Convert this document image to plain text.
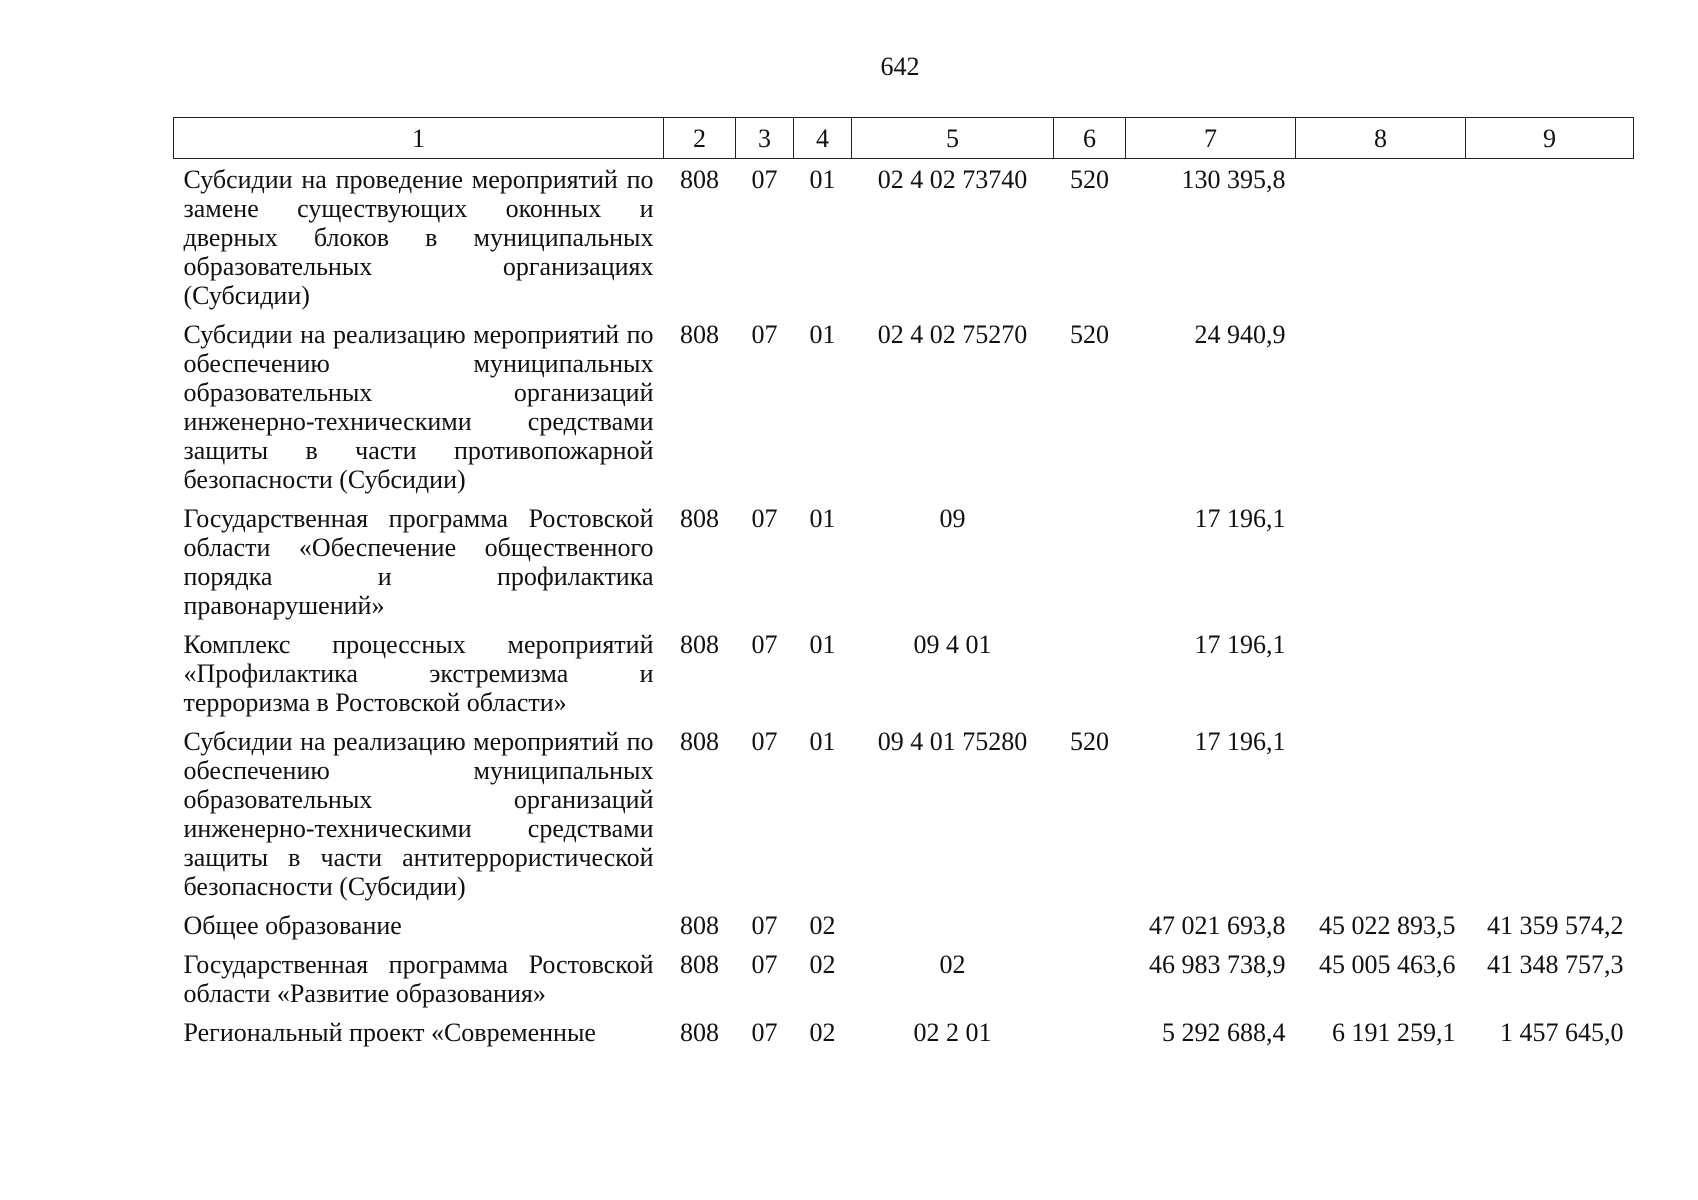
642
1	2	3	4	5	6	7	8	9
Субсидии на проведение мероприятий по замене существующих оконных и дверных блоков в муниципальных образовательных организациях (Субсидии)	808	07	01	02 4 02 73740	520	130 395,8		
Субсидии на реализацию мероприятий по обеспечению муниципальных образовательных организаций инженерно-техническими средствами защиты в части противопожарной безопасности (Субсидии)	808	07	01	02 4 02 75270	520	24 940,9		
Государственная программа Ростовской области «Обеспечение общественного порядка и профилактика правонарушений»	808	07	01	09		17 196,1		
Комплекс процессных мероприятий «Профилактика экстремизма и терроризма в Ростовской области»	808	07	01	09 4 01		17 196,1		
Субсидии на реализацию мероприятий по обеспечению муниципальных образовательных организаций инженерно-техническими средствами защиты в части антитеррористической безопасности (Субсидии)	808	07	01	09 4 01 75280	520	17 196,1		
Общее образование	808	07	02			47 021 693,8	45 022 893,5	41 359 574,2
Государственная программа Ростовской области «Развитие образования»	808	07	02	02		46 983 738,9	45 005 463,6	41 348 757,3
Региональный проект «Современные	808	07	02	02 2 01		5 292 688,4	6 191 259,1	1 457 645,0
